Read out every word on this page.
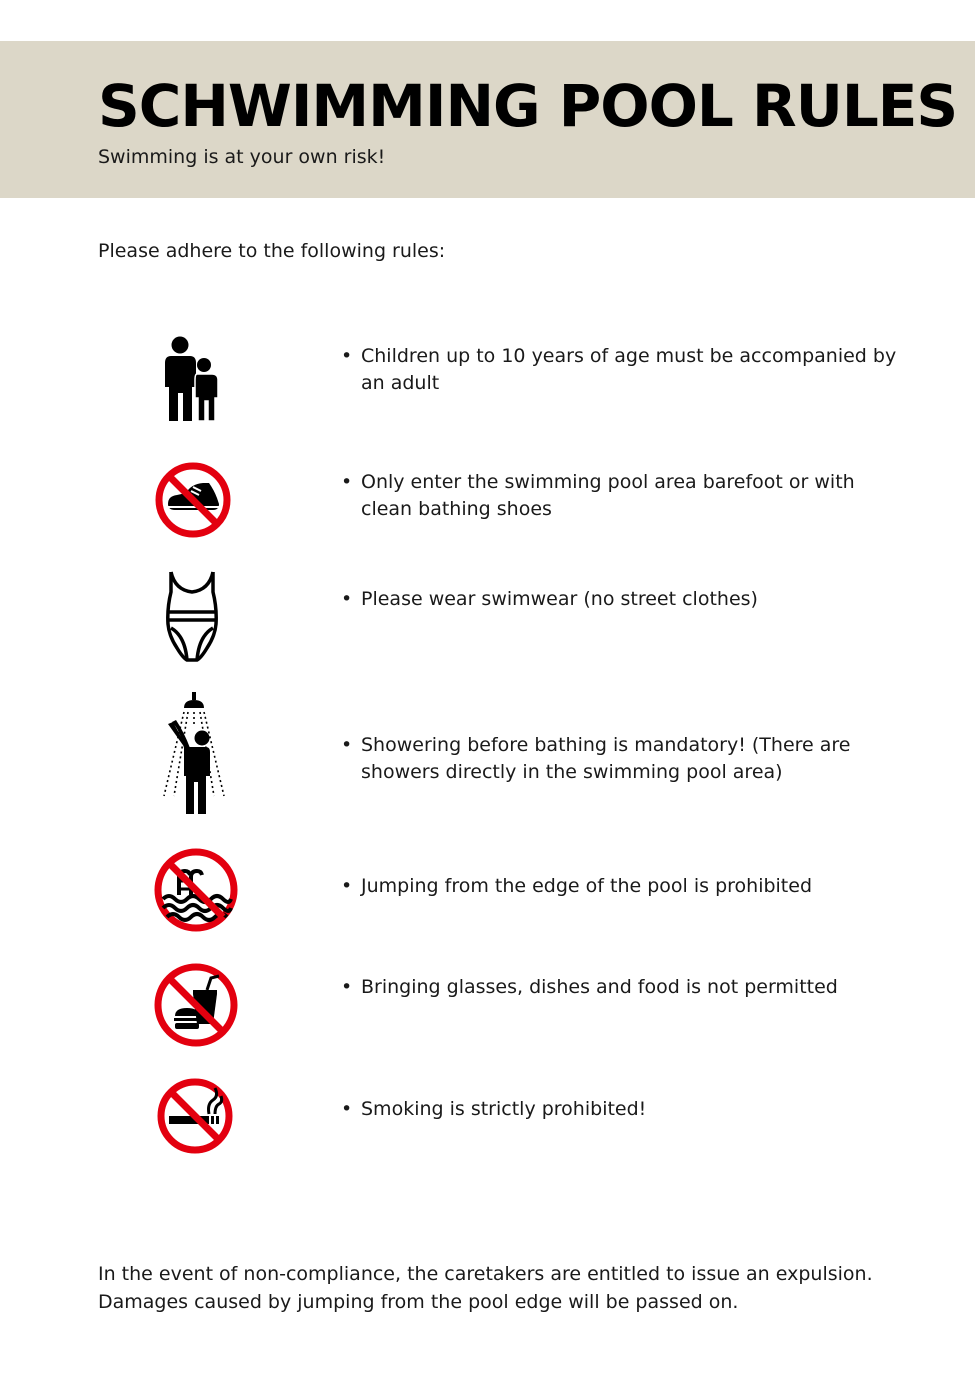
SCHWIMMING POOL RULES
Swimming is at your own risk!
Please adhere to the following rules:
• Children up to 10 years of age must be accompanied by an adult
• Only enter the swimming pool area barefoot or with clean bathing shoes
• Please wear swimwear (no street clothes)
• Showering before bathing is mandatory! (There are showers directly in the swimming pool area)
• Jumping from the edge of the pool is prohibited
• Bringing glasses, dishes and food is not permitted
• Smoking is strictly prohibited!
In the event of non-compliance, the caretakers are entitled to issue an expulsion.
Damages caused by jumping from the pool edge will be passed on.
